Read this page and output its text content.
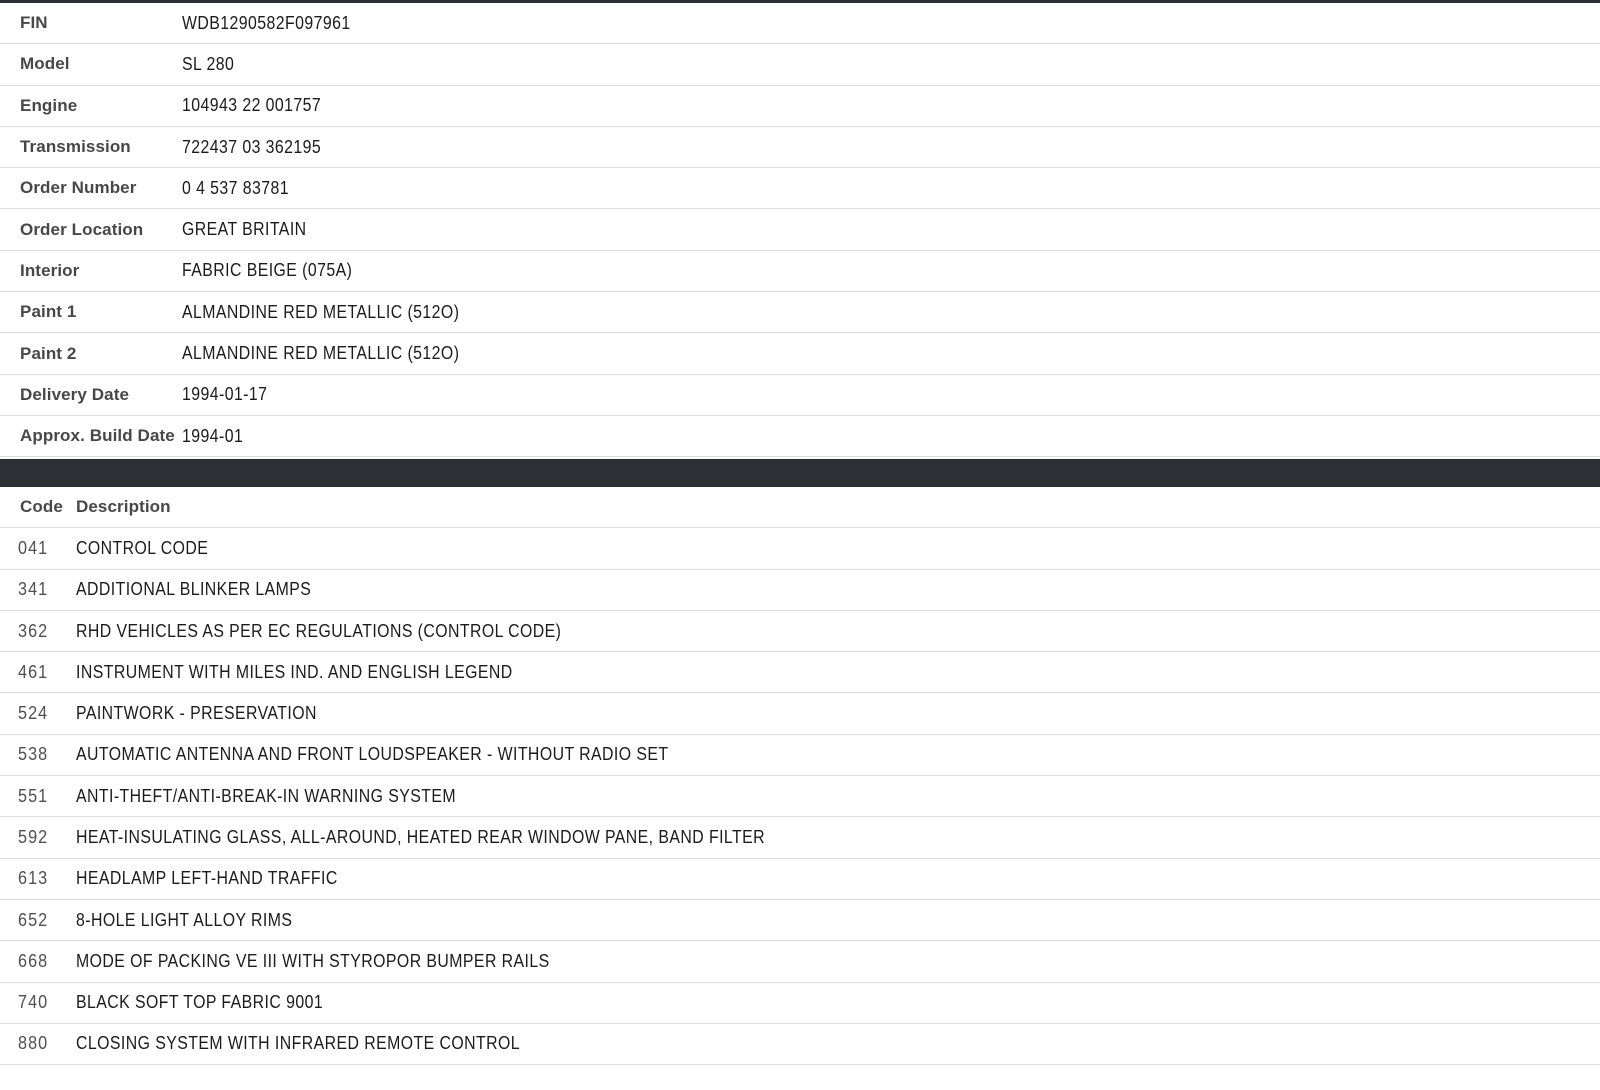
FIN	WDB1290582F097961
Model	SL 280
Engine	104943 22 001757
Transmission	722437 03 362195
Order Number	0 4 537 83781
Order Location	GREAT BRITAIN
Interior	FABRIC BEIGE (075A)
Paint 1	ALMANDINE RED METALLIC (512O)
Paint 2	ALMANDINE RED METALLIC (512O)
Delivery Date	1994-01-17
Approx. Build Date 1994-01
Code Description
041	CONTROL CODE
341	ADDITIONAL BLINKER LAMPS
362	RHD VEHICLES AS PER EC REGULATIONS (CONTROL CODE)
461	INSTRUMENT WITH MILES IND. AND ENGLISH LEGEND
524	PAINTWORK - PRESERVATION
538	AUTOMATIC ANTENNA AND FRONT LOUDSPEAKER - WITHOUT RADIO SET
551	ANTI-THEFT/ANTI-BREAK-IN WARNING SYSTEM
592	HEAT-INSULATING GLASS, ALL-AROUND, HEATED REAR WINDOW PANE, BAND FILTER
613	HEADLAMP LEFT-HAND TRAFFIC
652	8-HOLE LIGHT ALLOY RIMS
668	MODE OF PACKING VE III WITH STYROPOR BUMPER RAILS
740	BLACK SOFT TOP FABRIC 9001
880	CLOSING SYSTEM WITH INFRARED REMOTE CONTROL
